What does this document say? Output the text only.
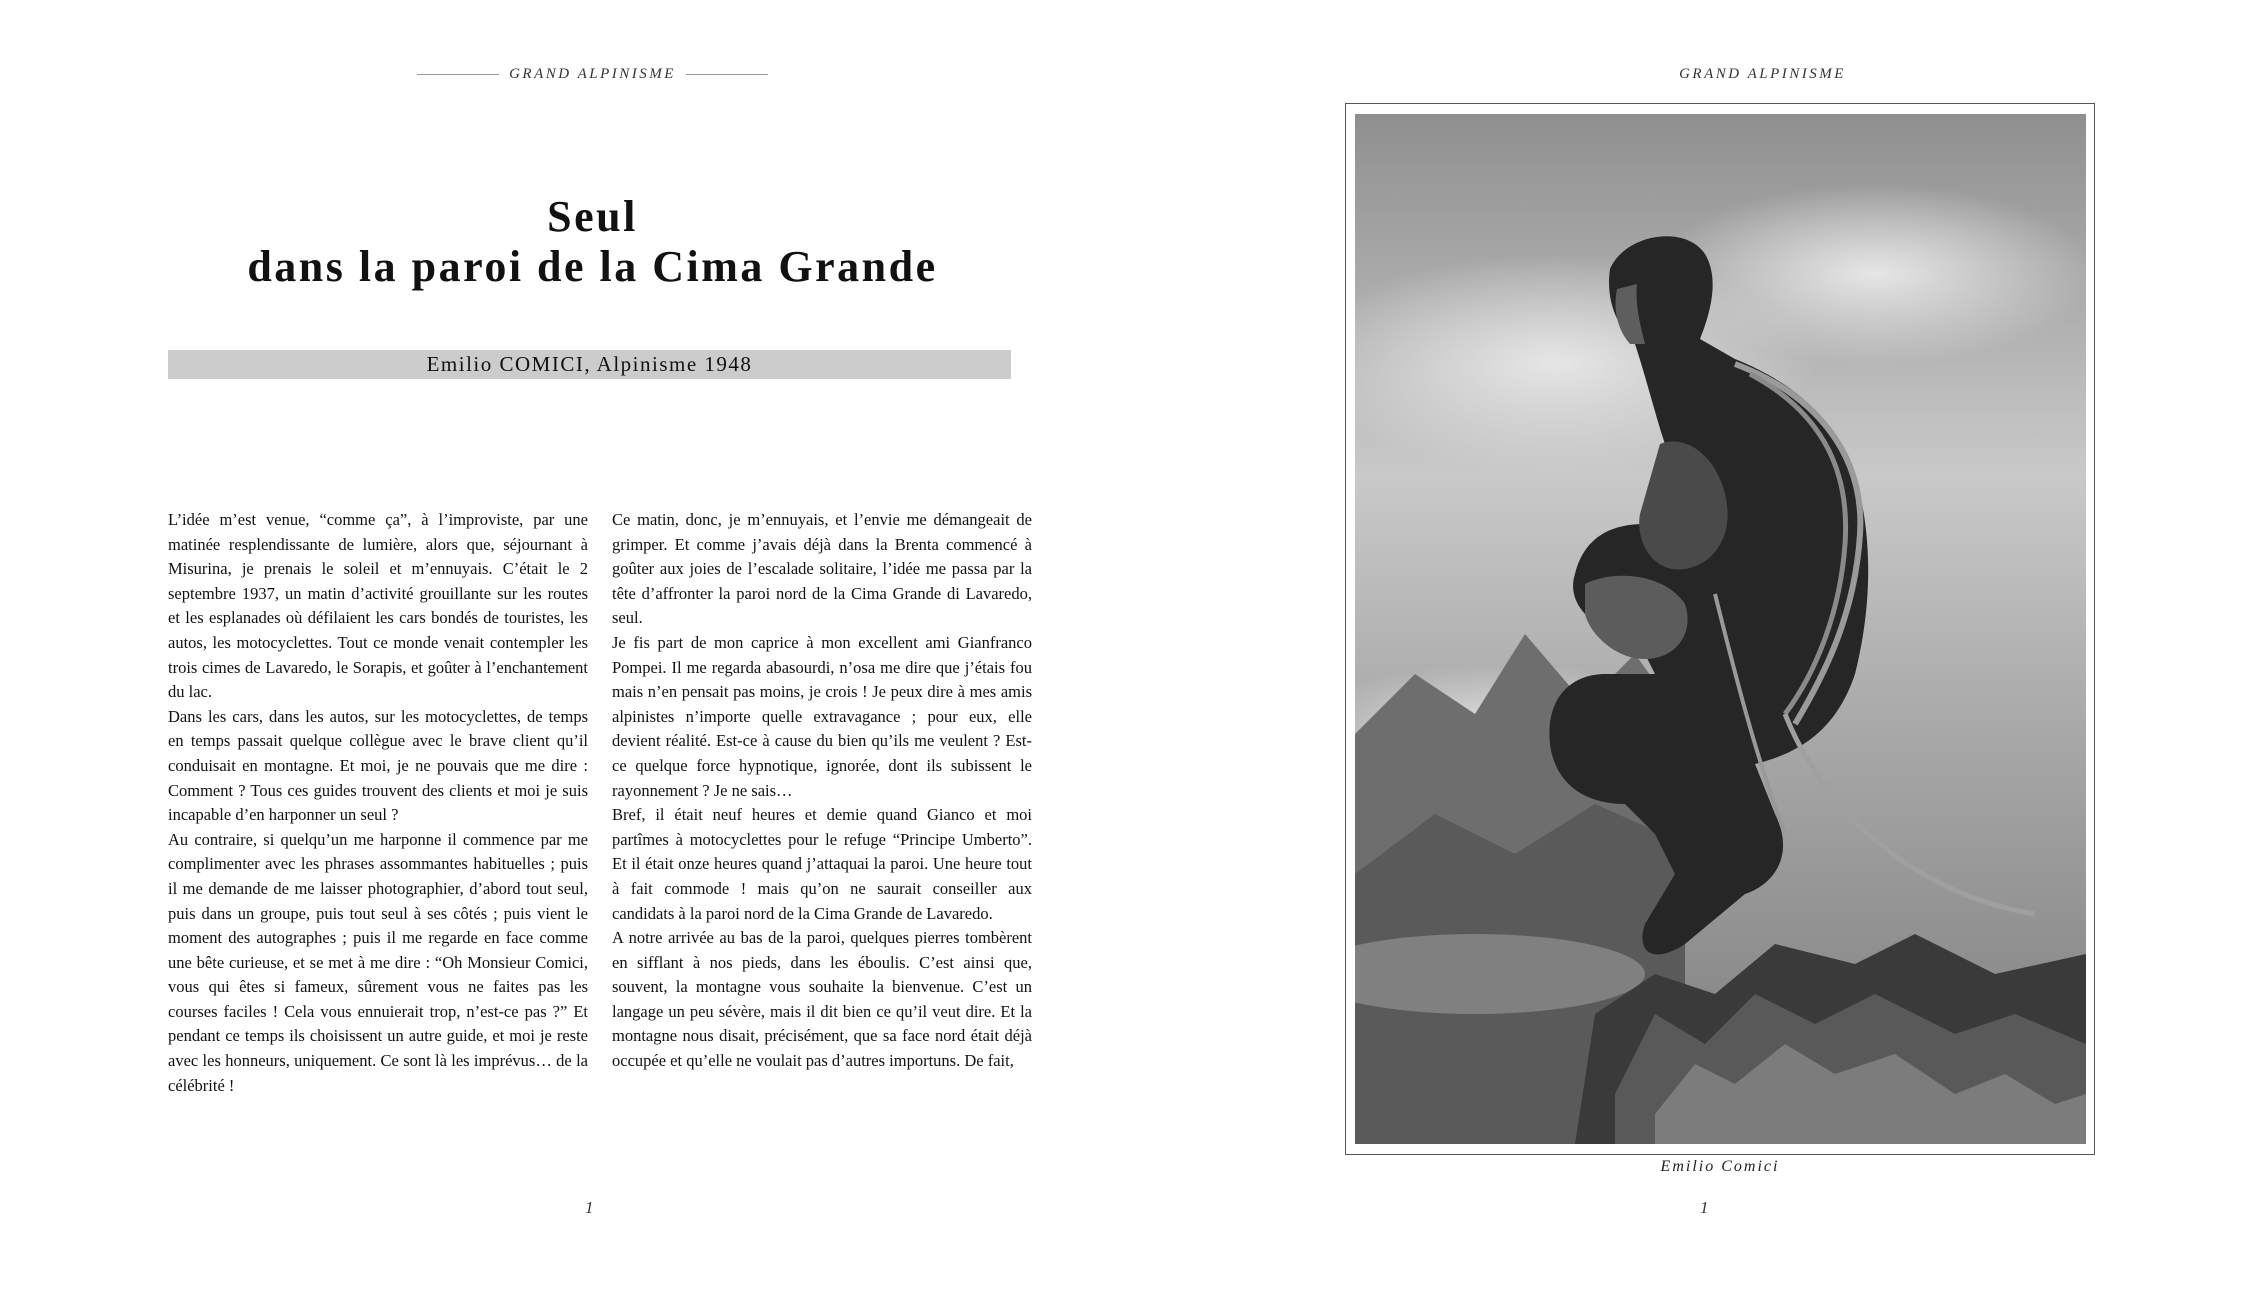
GRAND ALPINISME
Seul
dans la paroi de la Cima Grande
Emilio COMICI, Alpinisme 1948

L’idée m’est venue, “comme ça”, à l’improviste, par une matinée resplendissante de lumière, alors que, séjournant à Misurina, je prenais le soleil et m’ennuyais. C’était le 2 septembre 1937, un matin d’activité grouillante sur les routes et les esplanades où défilaient les cars bondés de touristes, les autos, les motocyclettes. Tout ce monde venait contempler les trois cimes de Lavaredo, le Sorapis, et goûter à l’enchantement du lac.

Dans les cars, dans les autos, sur les motocyclettes, de temps en temps passait quelque collègue avec le brave client qu’il conduisait en montagne. Et moi, je ne pouvais que me dire : Comment ? Tous ces guides trouvent des clients et moi je suis incapable d’en harponner un seul ?

Au contraire, si quelqu’un me harponne il commence par me complimenter avec les phrases assommantes habituelles ; puis il me demande de me laisser photographier, d’abord tout seul, puis dans un groupe, puis tout seul à ses côtés ; puis vient le moment des autographes ; puis il me regarde en face comme une bête curieuse, et se met à me dire : “Oh Monsieur Comici, vous qui êtes si fameux, sûrement vous ne faites pas les courses faciles ! Cela vous ennuierait trop, n’est-ce pas ?” Et pendant ce temps ils choisissent un autre guide, et moi je reste avec les honneurs, uniquement. Ce sont là les imprévus… de la célébrité !

Ce matin, donc, je m’ennuyais, et l’envie me démangeait de grimper. Et comme j’avais déjà dans la Brenta commencé à goûter aux joies de l’escalade solitaire, l’idée me passa par la tête d’affronter la paroi nord de la Cima Grande di Lavaredo, seul.

Je fis part de mon caprice à mon excellent ami Gianfranco Pompei. Il me regarda abasourdi, n’osa me dire que j’étais fou mais n’en pensait pas moins, je crois ! Je peux dire à mes amis alpinistes n’importe quelle extravagance ; pour eux, elle devient réalité. Est-ce à cause du bien qu’ils me veulent ? Est-ce quelque force hypnotique, ignorée, dont ils subissent le rayonnement ? Je ne sais…

Bref, il était neuf heures et demie quand Gianco et moi partîmes à motocyclettes pour le refuge “Principe Umberto”. Et il était onze heures quand j’attaquai la paroi. Une heure tout à fait commode ! mais qu’on ne saurait conseiller aux candidats à la paroi nord de la Cima Grande de Lavaredo.

A notre arrivée au bas de la paroi, quelques pierres tombèrent en sifflant à nos pieds, dans les éboulis. C’est ainsi que, souvent, la montagne vous souhaite la bienvenue. C’est un langage un peu sévère, mais il dit bien ce qu’il veut dire. Et la montagne nous disait, précisément, que sa face nord était déjà occupée et qu’elle ne voulait pas d’autres importuns. De fait,

1
GRAND ALPINISME
Emilio Comici
1
